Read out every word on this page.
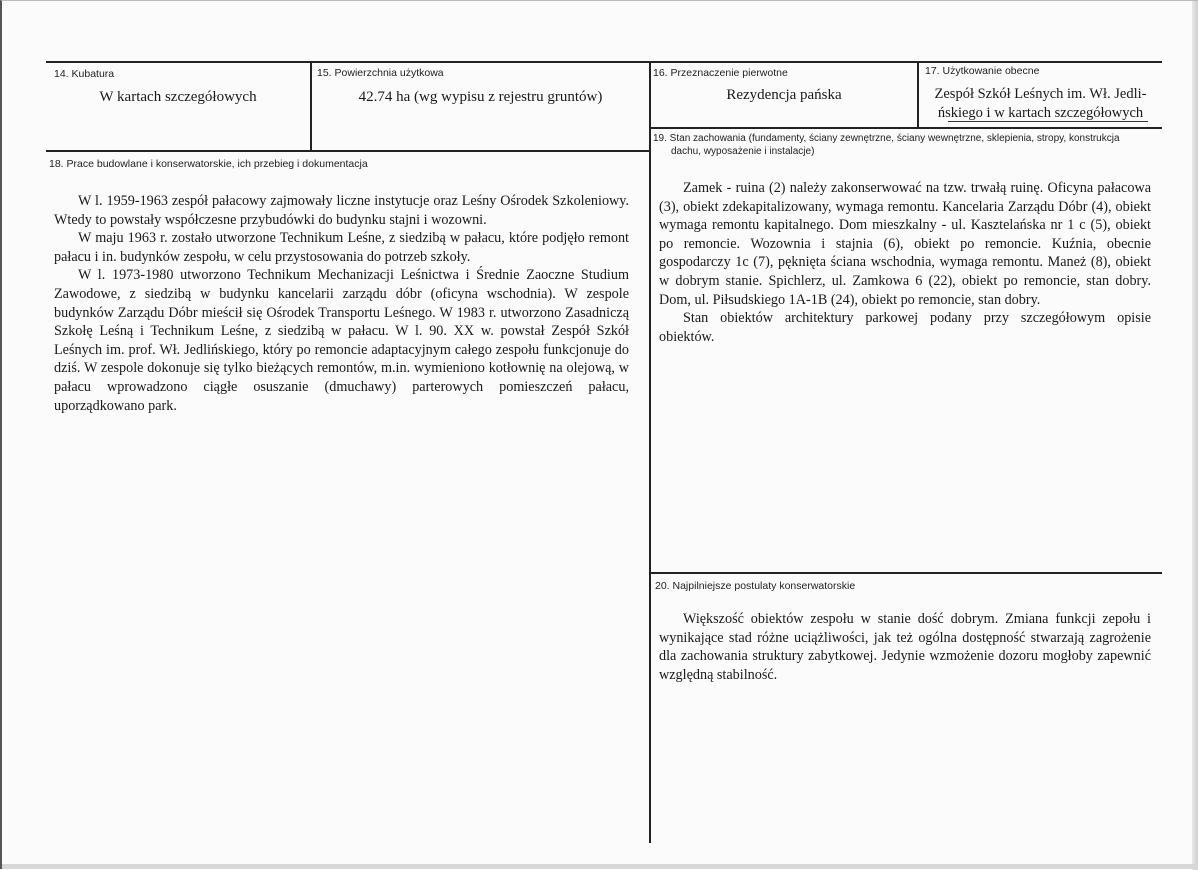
14. Kubatura
W kartach szczegółowych
15. Powierzchnia użytkowa
42.74 ha (wg wypisu z rejestru gruntów)
16. Przeznaczenie pierwotne
Rezydencja pańska
17. Użytkowanie obecne
Zespół Szkół Leśnych im. Wł. Jedli-
ńskiego i w kartach szczegółowych
18. Prace budowlane i konserwatorskie, ich przebieg i dokumentacja

W l. 1959-1963 zespół pałacowy zajmowały liczne instytucje oraz Leśny Ośrodek Szkoleniowy. Wtedy to powstały współczesne przybudówki do budynku stajni i wozowni.

W maju 1963 r. zostało utworzone Technikum Leśne, z siedzibą w pałacu, które podjęło remont pałacu i in. budynków zespołu, w celu przystosowania do potrzeb szkoły.

W l. 1973-1980 utworzono Technikum Mechanizacji Leśnictwa i Średnie Zaoczne Studium Zawodowe, z siedzibą w budynku kancelarii zarządu dóbr (oficyna wschodnia). W zespole budynków Zarządu Dóbr mieścił się Ośrodek Transportu Leśnego. W 1983 r. utworzono Zasadniczą Szkołę Leśną i Technikum Leśne, z siedzibą w pałacu. W l. 90. XX w. powstał Zespół Szkół Leśnych im. prof. Wł. Jedlińskiego, który po remoncie adaptacyjnym całego zespołu funkcjonuje do dziś. W zespole dokonuje się tylko bieżących remontów, m.in. wymieniono kotłownię na olejową, w pałacu wprowadzono ciągłe osuszanie (dmuchawy) parterowych pomieszczeń pałacu, uporządkowano park.

19. Stan zachowania (fundamenty, ściany zewnętrzne, ściany wewnętrzne, sklepienia, stropy, konstrukcja
dachu, wyposażenie i instalacje)

Zamek - ruina (2) należy zakonserwować na tzw. trwałą ruinę. Oficyna pałacowa (3), obiekt zdekapitalizowany, wymaga remontu. Kancelaria Zarządu Dóbr (4), obiekt wymaga remontu kapitalnego. Dom mieszkalny - ul. Kasztelańska nr 1 c (5), obiekt po remoncie. Wozownia i stajnia (6), obiekt po remoncie. Kuźnia, obecnie gospodarczy 1c (7), pęknięta ściana wschodnia, wymaga remontu. Maneż (8), obiekt w dobrym stanie. Spichlerz, ul. Zamkowa 6 (22), obiekt po remoncie, stan dobry. Dom, ul. Piłsudskiego 1A-1B (24), obiekt po remoncie, stan dobry.

Stan obiektów architektury parkowej podany przy szczegółowym opisie obiektów.

20. Najpilniejsze postulaty konserwatorskie

Większość obiektów zespołu w stanie dość dobrym. Zmiana funkcji zepołu i wynikające stad różne uciążliwości, jak też ogólna dostępność stwarzają zagrożenie dla zachowania struktury zabytkowej. Jedynie wzmożenie dozoru mogłoby zapewnić względną stabilność.
